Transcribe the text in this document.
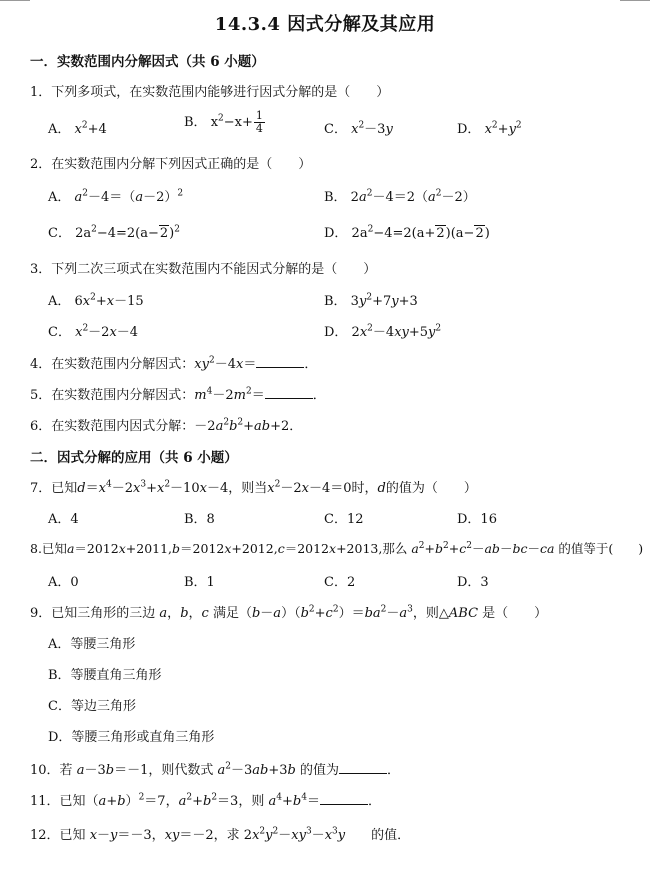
14.3.4 因式分解及其应用
一．实数范围内分解因式（共 6 小题）
1．下列多项式，在实数范围内能够进行因式分解的是（　　）
A． $x^2+4$	B． $x^2-x+ \frac{1}{4}$	C． $x^2-3y$	D． $x^2+y^2$
2．在实数范围内分解下列因式正确的是（　　）
A． $a^2-4=(a-2)^2$	B． $2a^2-4=2(a^2-2)$
C． $2a^2-4=2(a-2)^2$	D． $2a^2-4=2(a+2)(a-2)$
3．下列二次三项式在实数范围内不能因式分解的是（　　）
A． $6x^2+x-15$	B． $3y^2+7y+3$
C． $x^2-2x-4$	D． $2x^2-4xy+5y^2$
4．在实数范围内分解因式：$xy^2-4x=$	．
5．在实数范围内分解因式：$m^4-2m^2=$	．
6．在实数范围内因式分解：$-2a^2b^2+ab+2$．
二．因式分解的应用（共 6 小题）
7．已知$d=x^4-2x^3+x^2-10x-4$，则当$x^2-2x-4=0$时，d的值为（　　）
A．4	B．8	C．12	D．16
8.已知a＝2012x+2011,b＝2012x+2012,c＝2012x+2013,那么 $a^2+b^2+c^2-ab-bc-ca$ 的值等于(　　)
A．0	B．1	C．2	D．3
9．已知三角形的三边 a，b，c 满足$(b-a)(b^2+c^2)=ba^2-a^3$，则△ABC 是（　　）
A．等腰三角形
B．等腰直角三角形
C．等边三角形
D．等腰三角形或直角三角形
10．若 a－3b＝－1，则代数式 $a^2-3ab+3b$ 的值为	．
11．已知$(a+b)^2=7$，$a^2+b^2=3$，则 $a^4+b^4=$	．
12．已知 x－y＝－3，xy＝－2，求 $2x^2y^2-xy^3-x^3y$　　 的值．
